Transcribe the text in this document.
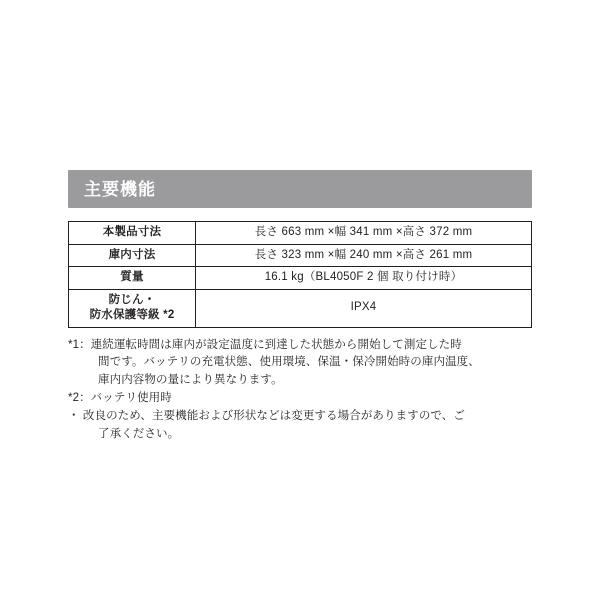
主要機能
本製品寸法	長さ 663 mm ×幅 341 mm ×高さ 372 mm
庫内寸法	長さ 323 mm ×幅 240 mm ×高さ 261 mm
質量	16.1 kg（BL4050F 2 個 取り付け時）

防じん・
防水保護等級 *2	IPX4
*1：連続運転時間は庫内が設定温度に到達した状態から開始して測定した時
間です。バッテリの充電状態、使用環境、保温・保冷開始時の庫内温度、
庫内内容物の量により異なります。
*2：バッテリ使用時
・ 改良のため、主要機能および形状などは変更する場合がありますので、ご
了承ください。
